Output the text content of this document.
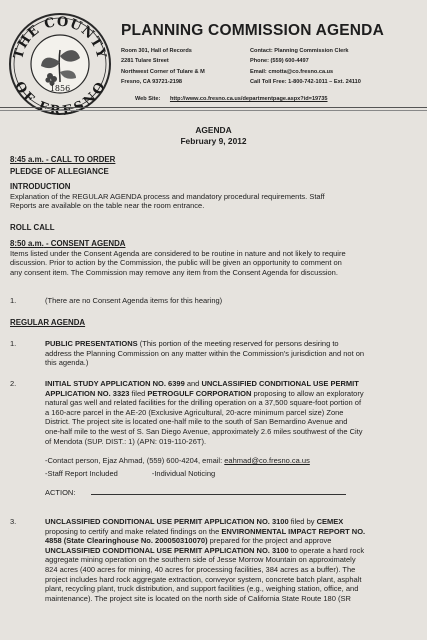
THE COUNTY
OF FRESNO
1856
PLANNING COMMISSION AGENDA
Room 301, Hall of Records
2281 Tulare Street
Northwest Corner of Tulare & M
Fresno, CA 93721-2198
Contact: Planning Commission Clerk
Phone: (559) 600-4497
Email: cmotta@co.fresno.ca.us
Call Toll Free: 1-800-742-1011 – Ext. 24110
Web Site: http://www.co.fresno.ca.us/departmentpage.aspx?id=19735
AGENDA
February 9, 2012
8:45 a.m. - CALL TO ORDER
PLEDGE OF ALLEGIANCE
INTRODUCTION

Explanation of the REGULAR AGENDA process and mandatory procedural requirements. Staff

Reports are available on the table near the room entrance.

ROLL CALL
8:50 a.m. - CONSENT AGENDA

Items listed under the Consent Agenda are considered to be routine in nature and not likely to require

discussion. Prior to action by the Commission, the public will be given an opportunity to comment on

any consent item. The Commission may remove any item from the Consent Agenda for discussion.

1.	(There are no Consent Agenda items for this hearing)
REGULAR AGENDA
1.	PUBLIC PRESENTATIONS (This portion of the meeting reserved for persons desiring to
address the Planning Commission on any matter within the Commission's jurisdiction and not on
this agenda.)
2.	INITIAL STUDY APPLICATION NO. 6399 and UNCLASSIFIED CONDITIONAL USE PERMIT
APPLICATION NO. 3323 filed PETROGULF CORPORATION proposing to allow an exploratory
natural gas well and related facilities for the drilling operation on a 37,500 square-foot portion of
a 160-acre parcel in the AE-20 (Exclusive Agricultural, 20-acre minimum parcel size) Zone
District. The project site is located one-half mile to the south of San Bernardino Avenue and
one-half mile to the west of S. San Diego Avenue, approximately 2.6 miles southwest of the City
of Mendota (SUP. DIST.: 1) (APN: 019-110-26T).
-Contact person, Ejaz Ahmad, (559) 600-4204, email: eahmad@co.fresno.ca.us
-Staff Report Included	-Individual Noticing
ACTION:
3.	UNCLASSIFIED CONDITIONAL USE PERMIT APPLICATION NO. 3100 filed by CEMEX
proposing to certify and make related findings on the ENVIRONMENTAL IMPACT REPORT NO.
4858 (State Clearinghouse No. 200050310070) prepared for the project and approve
UNCLASSIFIED CONDITIONAL USE PERMIT APPLICATION NO. 3100 to operate a hard rock
aggregate mining operation on the southern side of Jesse Morrow Mountain on approximately
824 acres (400 acres for mining, 40 acres for processing facilities, 384 acres as a buffer). The
project includes hard rock aggregate extraction, conveyor system, concrete batch plant, asphalt
plant, recycling plant, truck distribution, and support facilities (e.g., weighing station, office, and
maintenance). The project site is located on the north side of California State Route 180 (SR
